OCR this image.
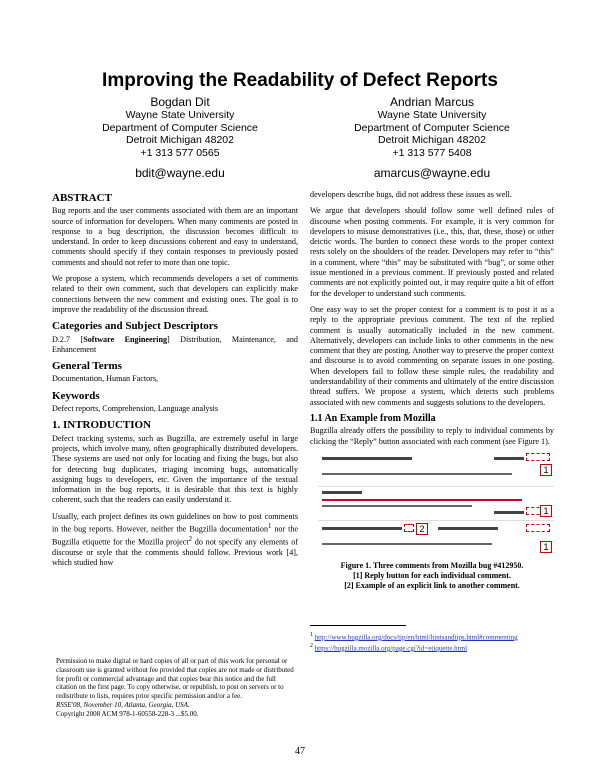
Improving the Readability of Defect Reports
Bogdan Dit
Wayne State University
Department of Computer Science
Detroit Michigan 48202
+1 313 577 0565
bdit@wayne.edu
Andrian Marcus
Wayne State University
Department of Computer Science
Detroit Michigan 48202
+1 313 577 5408
amarcus@wayne.edu
ABSTRACT

Bug reports and the user comments associated with them are an important source of information for developers. When many comments are posted in response to a bug description, the discussion becomes difficult to understand. In order to keep discussions coherent and easy to understand, comments should specify if they contain responses to previously posted comments and should not refer to more than one topic.

We propose a system, which recommends developers a set of comments related to their own comment, such that developers can explicitly make connections between the new comment and existing ones. The goal is to improve the readability of the discussion thread.

Categories and Subject Descriptors

D.2.7 [Software Engineering] Distribution, Maintenance, and Enhancement

General Terms

Documentation, Human Factors,

Keywords

Defect reports, Comprehension, Language analysis

1. INTRODUCTION

Defect tracking systems, such as Bugzilla, are extremely useful in large projects, which involve many, often geographically distributed developers. These systems are used not only for locating and fixing the bugs, but also for detecting bug duplicates, triaging incoming bugs, automatically assigning bugs to developers, etc. Given the importance of the textual information in the bug reports, it is desirable that this text is highly coherent, such that the readers can easily understand it.

Usually, each project defines its own guidelines on how to post comments in the bug reports. However, neither the Bugzilla documentation$^1$ nor the Bugzilla etiquette for the Mozilla project$^2$ do not specify any elements of discourse or style that the comments should follow. Previous work [4], which studied how

Permission to make digital or hard copies of all or part of this work for personal or classroom use is granted without fee provided that copies are not made or distributed for profit or commercial advantage and that copies bear this notice and the full citation on the first page. To copy otherwise, or republish, to post on servers or to redistribute to lists, requires prior specific permission and/or a fee.
RSSE'08, November 10, Atlanta, Georgia, USA.
Copyright 2008 ACM 978-1-60558-228-3 ...$5.00.

developers describe bugs, did not address these issues as well.

We argue that developers should follow some well defined rules of discourse when posting comments. For example, it is very common for developers to misuse demonstratives (i.e., this, that, these, those) or other deictic words. The burden to connect these words to the proper context rests solely on the shoulders of the reader. Developers may refer to “this” in a comment, where “this” may be substituted with “bug”, or some other issue mentioned in a previous comment. If previously posted and related comments are not explicitly pointed out, it may require quite a bit of effort for the developer to understand such comments.

One easy way to set the proper context for a comment is to post it as a reply to the appropriate previous comment. The text of the replied comment is usually automatically included in the new comment. Alternatively, developers can include links to other comments in the new comment that they are posting. Another way to preserve the proper context and discourse is to avoid commenting on separate issues in one posting. When developers fail to follow these simple rules, the readability and understandability of their comments and ultimately of the entire discussion thread suffers. We propose a system, which detects such problems associated with new comments and suggests solutions to the developers.

1.1 An Example from Mozilla

Bugzilla already offers the possibility to reply to individual comments by clicking the “Reply” button associated with each comment (see Figure 1).

1
1
2
1
Figure 1. Three comments from Mozilla bug #412950.
[1] Reply button for each individual comment.
[2] Example of an explicit link to another comment.
$^1$ http://www.bugzilla.org/docs/tip/en/html/hintsandtips.html#commenting
$^2$ https://bugzilla.mozilla.org/page.cgi?id=etiquette.html
47
